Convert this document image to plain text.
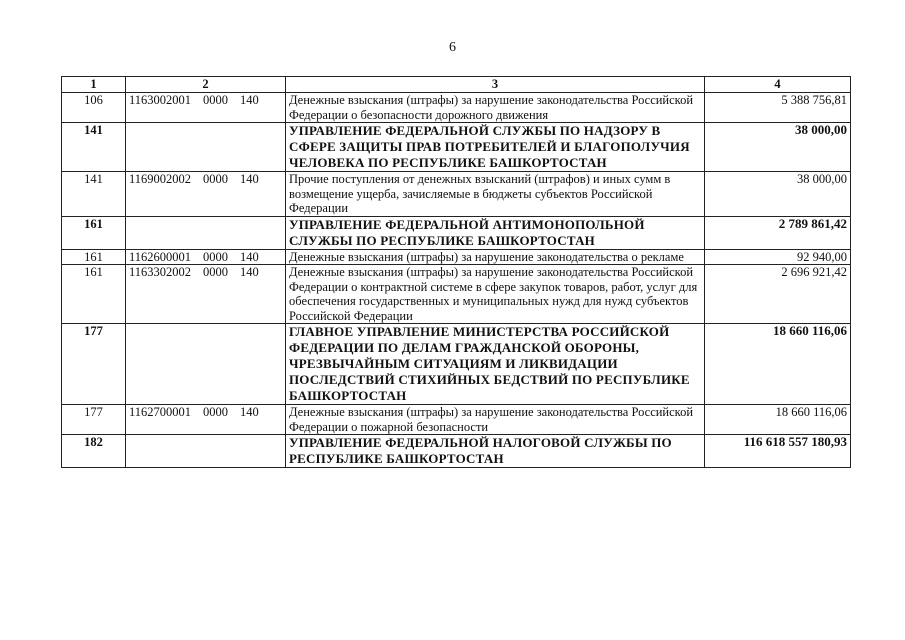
6
1	2	3	4
106	1163002001 0000 140	Денежные взыскания (штрафы) за нарушение законодательства Российской Федерации о безопасности дорожного движения	5 388 756,81
141		УПРАВЛЕНИЕ ФЕДЕРАЛЬНОЙ СЛУЖБЫ ПО НАДЗОРУ В СФЕРЕ ЗАЩИТЫ ПРАВ ПОТРЕБИТЕЛЕЙ И БЛАГОПОЛУЧИЯ ЧЕЛОВЕКА ПО РЕСПУБЛИКЕ БАШКОРТОСТАН	38 000,00
141	1169002002 0000 140	Прочие поступления от денежных взысканий (штрафов) и иных сумм в возмещение ущерба, зачисляемые в бюджеты субъектов Российской Федерации	38 000,00
161		УПРАВЛЕНИЕ ФЕДЕРАЛЬНОЙ АНТИМОНОПОЛЬНОЙ СЛУЖБЫ ПО РЕСПУБЛИКЕ БАШКОРТОСТАН	2 789 861,42
161	1162600001 0000 140	Денежные взыскания (штрафы) за нарушение законодательства о рекламе	92 940,00
161	1163302002 0000 140	Денежные взыскания (штрафы) за нарушение законодательства Российской Федерации о контрактной системе в сфере закупок товаров, работ, услуг для обеспечения государственных и муниципальных нужд для нужд субъектов Российской Федерации	2 696 921,42
177		ГЛАВНОЕ УПРАВЛЕНИЕ МИНИСТЕРСТВА РОССИЙСКОЙ ФЕДЕРАЦИИ ПО ДЕЛАМ ГРАЖДАНСКОЙ ОБОРОНЫ, ЧРЕЗВЫЧАЙНЫМ СИТУАЦИЯМ И ЛИКВИДАЦИИ ПОСЛЕДСТВИЙ СТИХИЙНЫХ БЕДСТВИЙ ПО РЕСПУБЛИКЕ БАШКОРТОСТАН	18 660 116,06
177	1162700001 0000 140	Денежные взыскания (штрафы) за нарушение законодательства Российской Федерации о пожарной безопасности	18 660 116,06
182		УПРАВЛЕНИЕ ФЕДЕРАЛЬНОЙ НАЛОГОВОЙ СЛУЖБЫ ПО РЕСПУБЛИКЕ БАШКОРТОСТАН	116 618 557 180,93
